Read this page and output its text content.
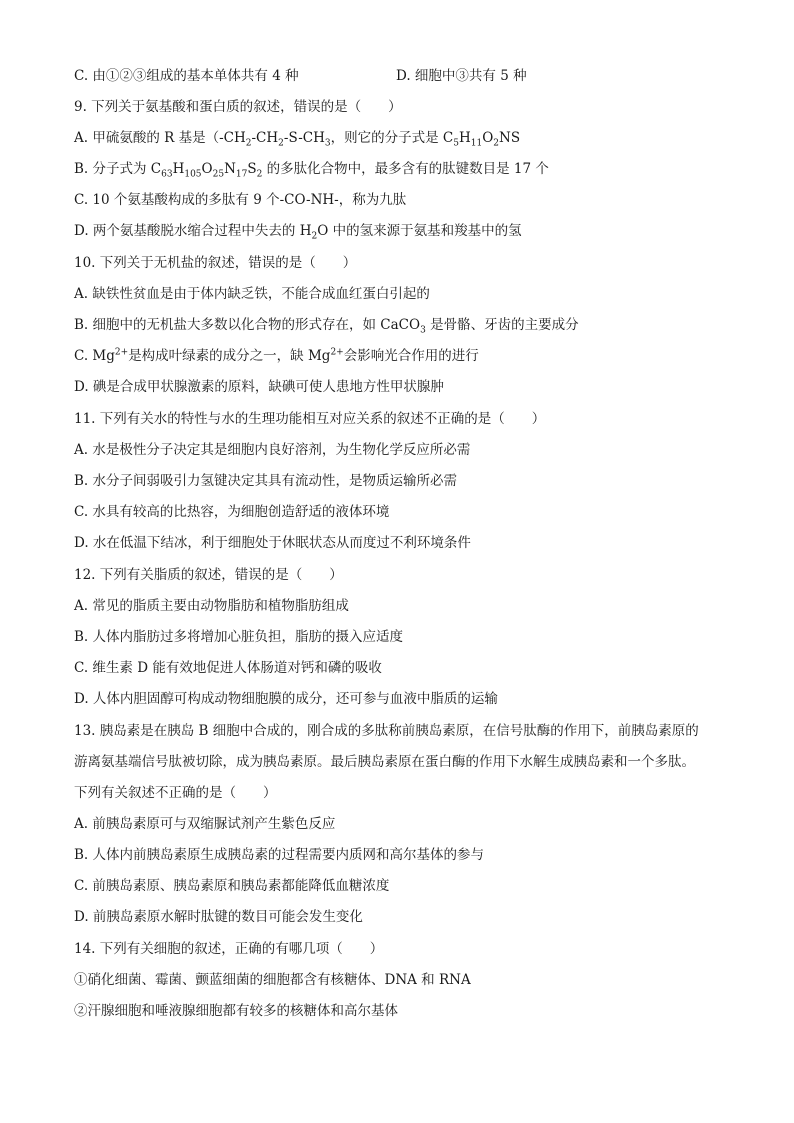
C. 由①②③组成的基本单体共有 4 种	D. 细胞中③共有 5 种
9. 下列关于氨基酸和蛋白质的叙述，错误的是（　　）
A. 甲硫氨酸的 R 基是（$-CH_2-CH_2-S-CH_3$，则它的分子式是 $C_5H_{11}O_2NS$
B. 分子式为 $C_{63}H_{105}O_{25}N_{17}S_2$ 的多肽化合物中，最多含有的肽键数目是 17 个
C. 10 个氨基酸构成的多肽有 9 个-CO-NH-，称为九肽
D. 两个氨基酸脱水缩合过程中失去的 $H_2O$ 中的氢来源于氨基和羧基中的氢
10. 下列关于无机盐的叙述，错误的是（　　）
A. 缺铁性贫血是由于体内缺乏铁，不能合成血红蛋白引起的
B. 细胞中的无机盐大多数以化合物的形式存在，如 CaCO$_3$ 是骨骼、牙齿的主要成分
C. $Mg^{2+}$是构成叶绿素的成分之一，缺 $Mg^{2+}$会影响光合作用的进行
D. 碘是合成甲状腺激素的原料，缺碘可使人患地方性甲状腺肿
11. 下列有关水的特性与水的生理功能相互对应关系的叙述不正确的是（　　）
A. 水是极性分子决定其是细胞内良好溶剂，为生物化学反应所必需
B. 水分子间弱吸引力氢键决定其具有流动性，是物质运输所必需
C. 水具有较高的比热容，为细胞创造舒适的液体环境
D. 水在低温下结冰，利于细胞处于休眠状态从而度过不利环境条件
12. 下列有关脂质的叙述，错误的是（　　）
A. 常见的脂质主要由动物脂肪和植物脂肪组成
B. 人体内脂肪过多将增加心脏负担，脂肪的摄入应适度
C. 维生素 D 能有效地促进人体肠道对钙和磷的吸收
D. 人体内胆固醇可构成动物细胞膜的成分，还可参与血液中脂质的运输
13. 胰岛素是在胰岛 B 细胞中合成的，刚合成的多肽称前胰岛素原，在信号肽酶的作用下，前胰岛素原的
游离氨基端信号肽被切除，成为胰岛素原。最后胰岛素原在蛋白酶的作用下水解生成胰岛素和一个多肽。
下列有关叙述不正确的是（　　）
A. 前胰岛素原可与双缩脲试剂产生紫色反应
B. 人体内前胰岛素原生成胰岛素的过程需要内质网和高尔基体的参与
C. 前胰岛素原、胰岛素原和胰岛素都能降低血糖浓度
D. 前胰岛素原水解时肽键的数目可能会发生变化
14. 下列有关细胞的叙述，正确的有哪几项（　　）
①硝化细菌、霉菌、颤蓝细菌的细胞都含有核糖体、DNA 和 RNA
②汗腺细胞和唾液腺细胞都有较多的核糖体和高尔基体
